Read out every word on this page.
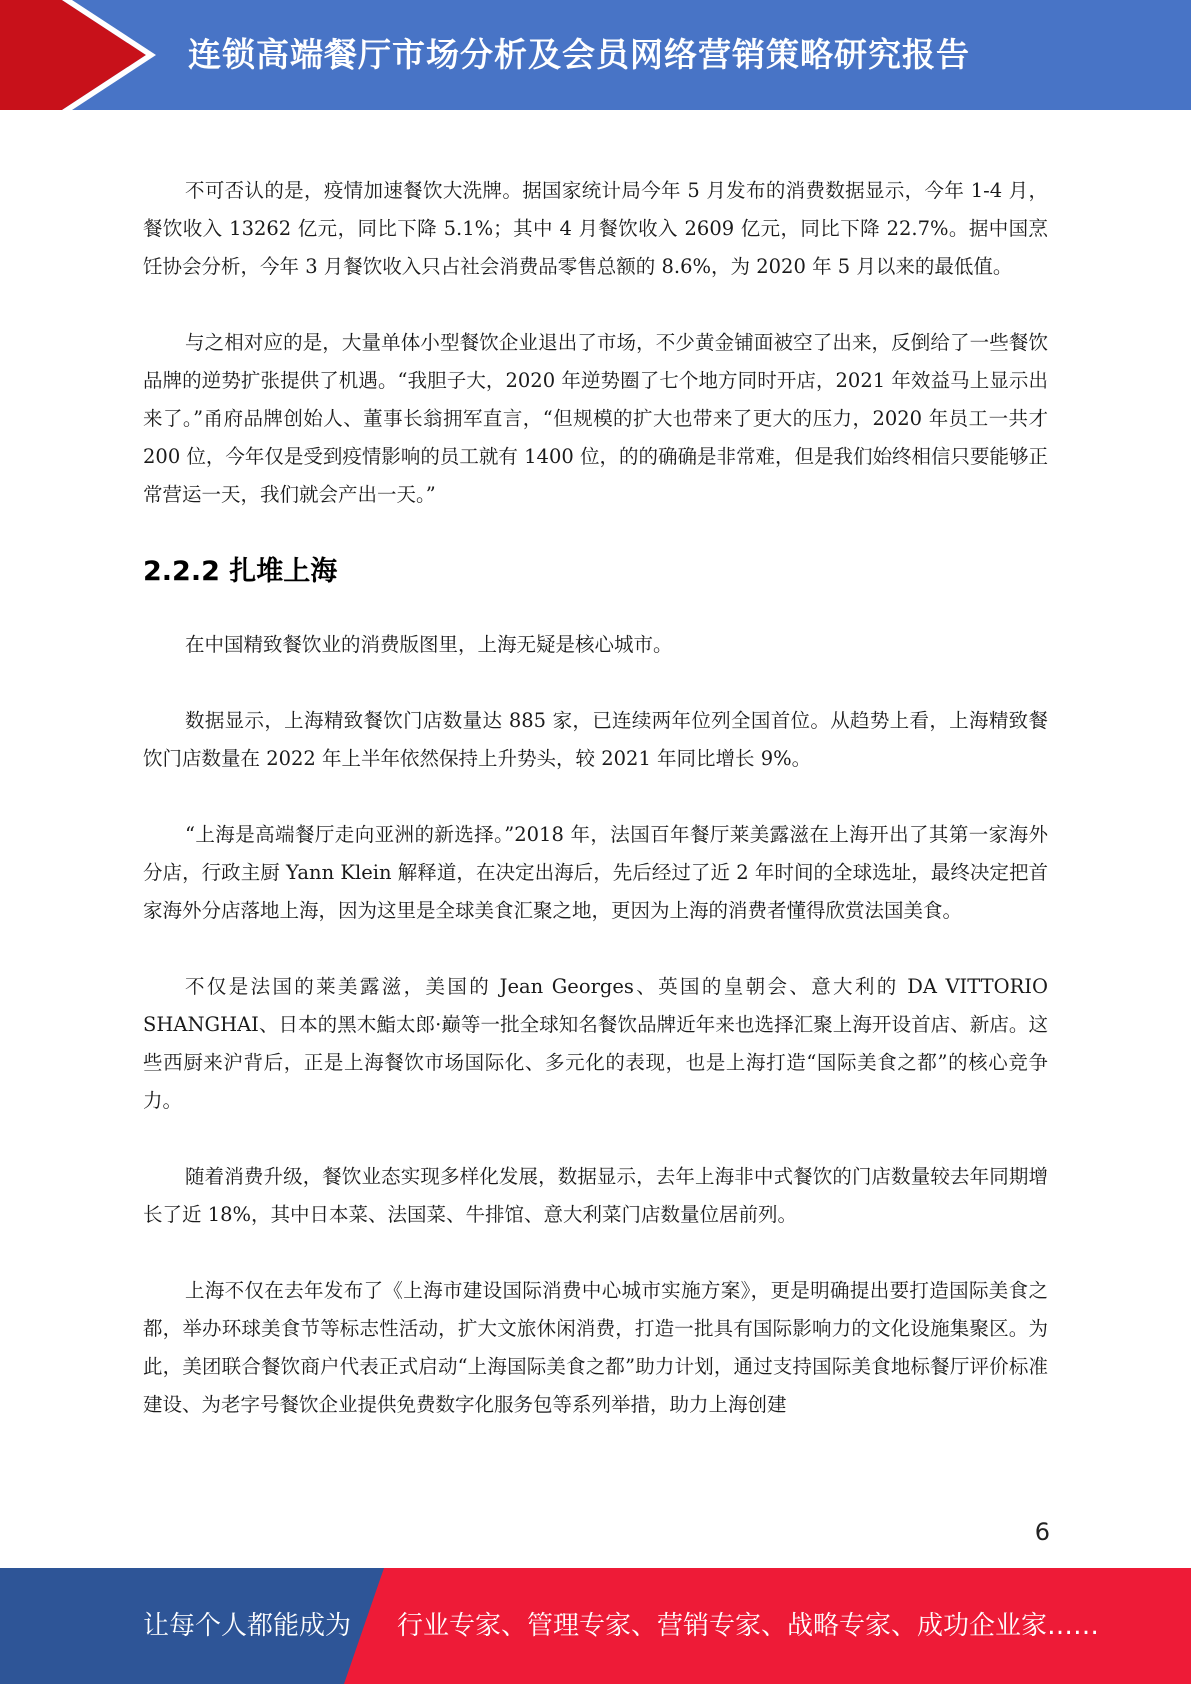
连锁高端餐厅市场分析及会员网络营销策略研究报告

不可否认的是，疫情加速餐饮大洗牌。据国家统计局今年 5 月发布的消费数据显示，今年 1-4 月，餐饮收入 13262 亿元，同比下降 5.1%；其中 4 月餐饮收入 2609 亿元，同比下降 22.7%。据中国烹饪协会分析，今年 3 月餐饮收入只占社会消费品零售总额的 8.6%，为 2020 年 5 月以来的最低值。

与之相对应的是，大量单体小型餐饮企业退出了市场，不少黄金铺面被空了出来，反倒给了一些餐饮品牌的逆势扩张提供了机遇。“我胆子大，2020 年逆势圈了七个地方同时开店，2021 年效益马上显示出来了。”甬府品牌创始人、董事长翁拥军直言，“但规模的扩大也带来了更大的压力，2020 年员工一共才 200 位，今年仅是受到疫情影响的员工就有 1400 位，的的确确是非常难，但是我们始终相信只要能够正常营运一天，我们就会产出一天。”

2.2.2 扎堆上海

在中国精致餐饮业的消费版图里，上海无疑是核心城市。

数据显示，上海精致餐饮门店数量达 885 家，已连续两年位列全国首位。从趋势上看，上海精致餐饮门店数量在 2022 年上半年依然保持上升势头，较 2021 年同比增长 9%。

“上海是高端餐厅走向亚洲的新选择。”2018 年，法国百年餐厅莱美露滋在上海开出了其第一家海外分店，行政主厨 Yann Klein 解释道，在决定出海后，先后经过了近 2 年时间的全球选址，最终决定把首家海外分店落地上海，因为这里是全球美食汇聚之地，更因为上海的消费者懂得欣赏法国美食。

不仅是法国的莱美露滋，美国的 Jean Georges、英国的皇朝会、意大利的 DA VITTORIO SHANGHAI、日本的黑木鮨太郎·巅等一批全球知名餐饮品牌近年来也选择汇聚上海开设首店、新店。这些西厨来沪背后，正是上海餐饮市场国际化、多元化的表现，也是上海打造“国际美食之都”的核心竞争力。

随着消费升级，餐饮业态实现多样化发展，数据显示，去年上海非中式餐饮的门店数量较去年同期增长了近 18%，其中日本菜、法国菜、牛排馆、意大利菜门店数量位居前列。

上海不仅在去年发布了《上海市建设国际消费中心城市实施方案》，更是明确提出要打造国际美食之都，举办环球美食节等标志性活动，扩大文旅休闲消费，打造一批具有国际影响力的文化设施集聚区。为此，美团联合餐饮商户代表正式启动“上海国际美食之都”助力计划，通过支持国际美食地标餐厅评价标准建设、为老字号餐饮企业提供免费数字化服务包等系列举措，助力上海创建

6
让每个人都能成为 行业专家、管理专家、营销专家、战略专家、成功企业家……
